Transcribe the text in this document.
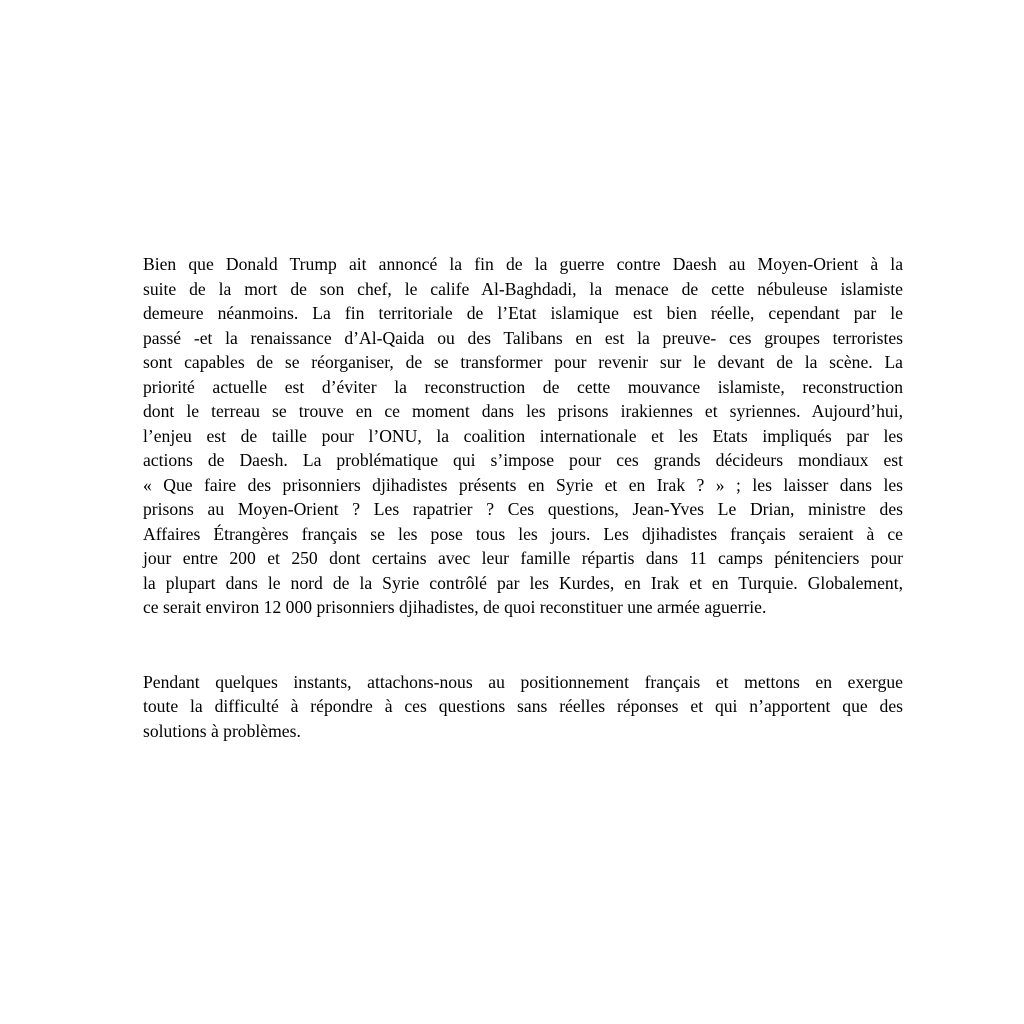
Bien que Donald Trump ait annoncé la fin de la guerre contre Daesh au Moyen-Orient à la
suite de la mort de son chef, le calife Al-Baghdadi, la menace de cette nébuleuse islamiste
demeure néanmoins. La fin territoriale de l’Etat islamique est bien réelle, cependant par le
passé -et la renaissance d’Al-Qaida ou des Talibans en est la preuve- ces groupes terroristes
sont capables de se réorganiser, de se transformer pour revenir sur le devant de la scène. La
priorité actuelle est d’éviter la reconstruction de cette mouvance islamiste, reconstruction
dont le terreau se trouve en ce moment dans les prisons irakiennes et syriennes. Aujourd’hui,
l’enjeu est de taille pour l’ONU, la coalition internationale et les Etats impliqués par les
actions de Daesh. La problématique qui s’impose pour ces grands décideurs mondiaux est
« Que faire des prisonniers djihadistes présents en Syrie et en Irak ? » ; les laisser dans les
prisons au Moyen-Orient ? Les rapatrier ? Ces questions, Jean-Yves Le Drian, ministre des
Affaires Étrangères français se les pose tous les jours. Les djihadistes français seraient à ce
jour entre 200 et 250 dont certains avec leur famille répartis dans 11 camps pénitenciers pour
la plupart dans le nord de la Syrie contrôlé par les Kurdes, en Irak et en Turquie. Globalement,
ce serait environ 12 000 prisonniers djihadistes, de quoi reconstituer une armée aguerrie.
Pendant quelques instants, attachons-nous au positionnement français et mettons en exergue
toute la difficulté à répondre à ces questions sans réelles réponses et qui n’apportent que des
solutions à problèmes.
